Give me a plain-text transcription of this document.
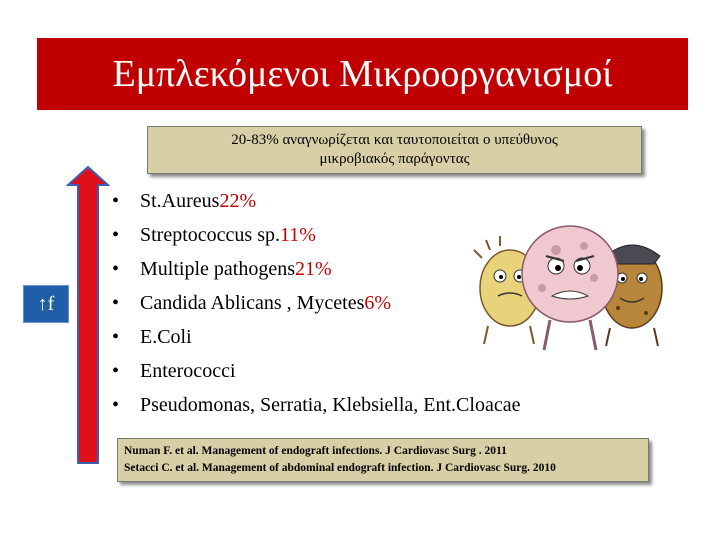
Εμπλεκόμενοι Μικροοργανισμοί
20-83% αναγνωρίζεται και ταυτοποιείται ο υπεύθυνος
μικροβιακός παράγοντας
↑f
•	St.Aureus 22%
•	Streptococcus sp. 11%
•	Multiple pathogens 21%
•	Candida Ablicans , Mycetes 6%
•	E.Coli
•	Enterococci
•	Pseudomonas, Serratia, Klebsiella, Ent.Cloacae
Numan F. et al. Management of endograft infections. J Cardiovasc Surg . 2011
Setacci C. et al. Management of abdominal endograft infection. J Cardiovasc Surg. 2010
